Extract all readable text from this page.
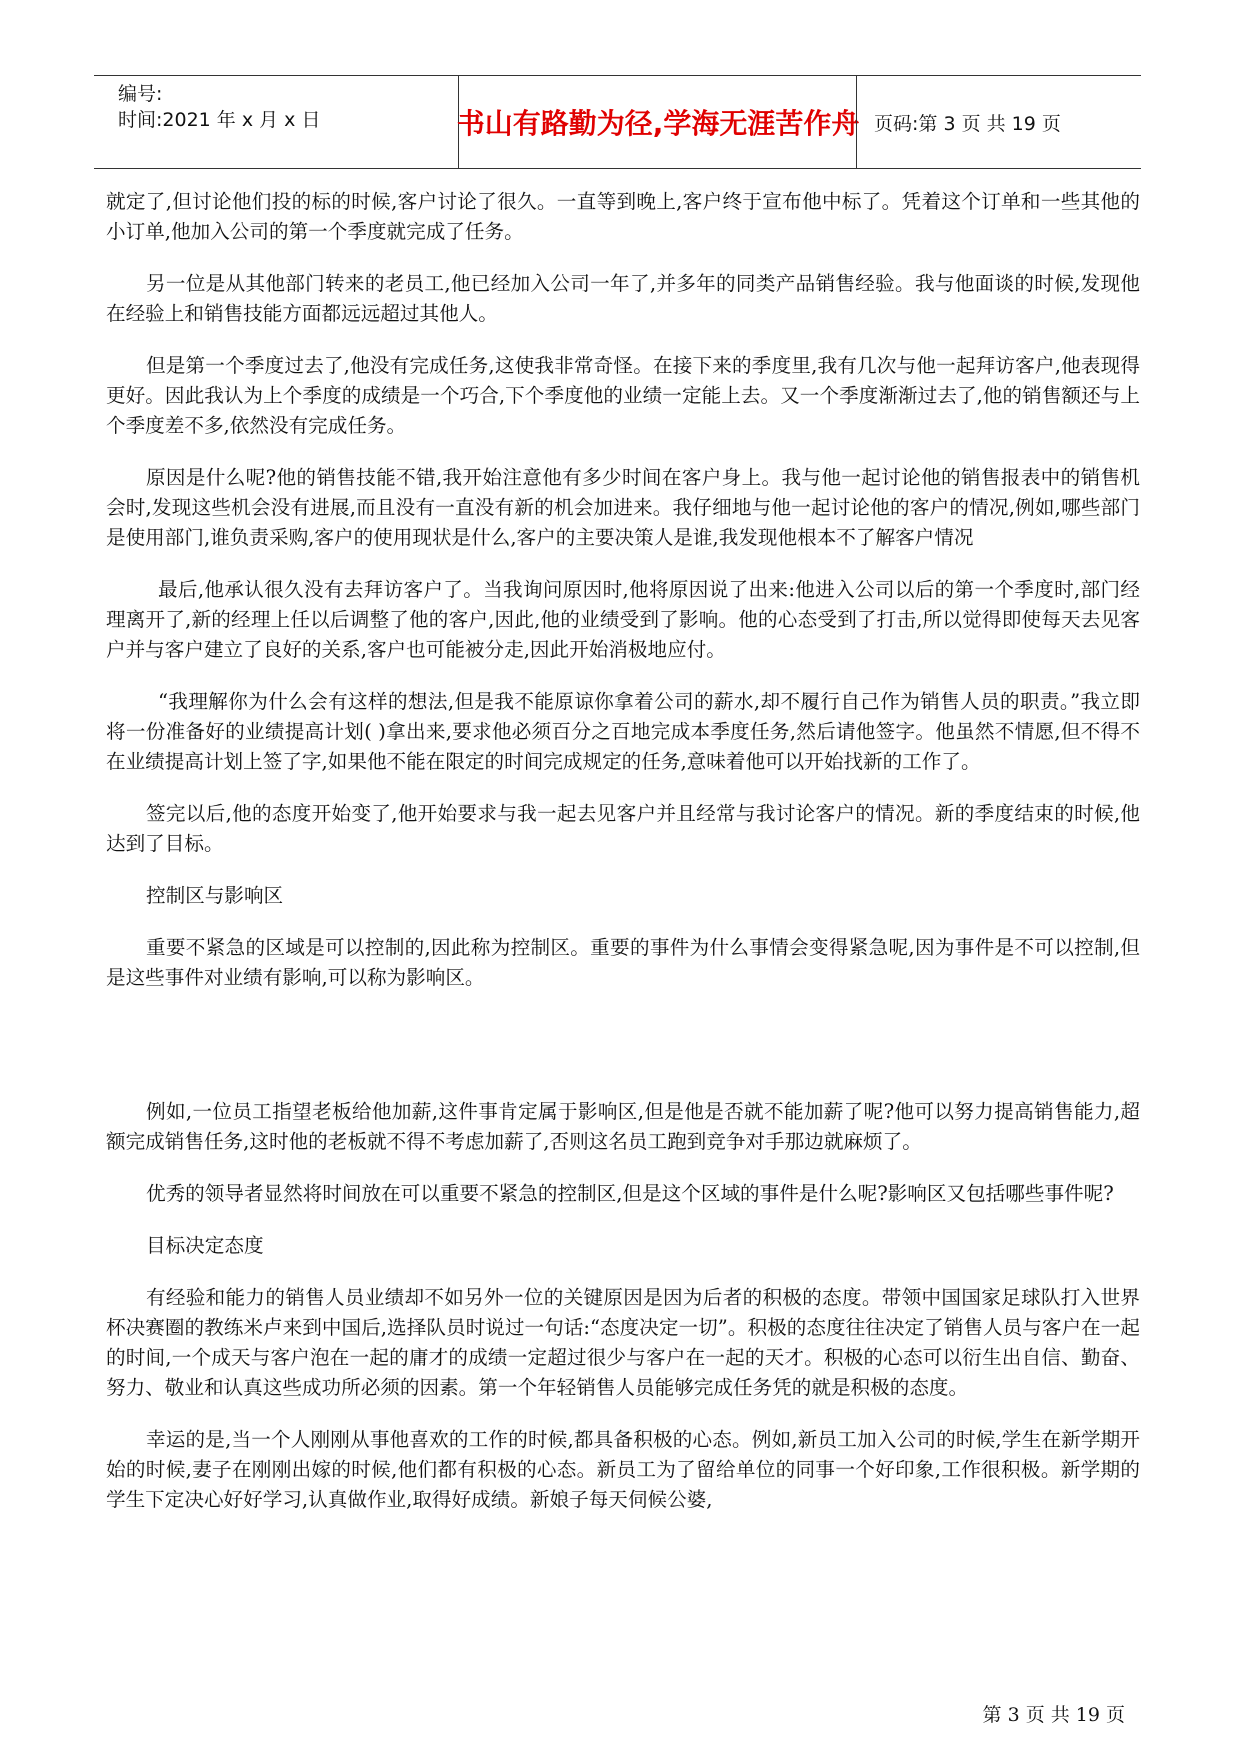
编号:
时间:2021 年 x 月 x 日	书山有路勤为径,学海无涯苦作舟 页码:第 3 页 共 19 页

就定了,但讨论他们投的标的时候,客户讨论了很久。一直等到晚上,客户终于宣布他中标了。凭着这个订单和一些其他的小订单,他加入公司的第一个季度就完成了任务。

另一位是从其他部门转来的老员工,他已经加入公司一年了,并多年的同类产品销售经验。我与他面谈的时候,发现他在经验上和销售技能方面都远远超过其他人。

但是第一个季度过去了,他没有完成任务,这使我非常奇怪。在接下来的季度里,我有几次与他一起拜访客户,他表现得更好。因此我认为上个季度的成绩是一个巧合,下个季度他的业绩一定能上去。又一个季度渐渐过去了,他的销售额还与上个季度差不多,依然没有完成任务。

原因是什么呢?他的销售技能不错,我开始注意他有多少时间在客户身上。我与他一起讨论他的销售报表中的销售机会时,发现这些机会没有进展,而且没有一直没有新的机会加进来。我仔细地与他一起讨论他的客户的情况,例如,哪些部门是使用部门,谁负责采购,客户的使用现状是什么,客户的主要决策人是谁,我发现他根本不了解客户情况

最后,他承认很久没有去拜访客户了。当我询问原因时,他将原因说了出来:他进入公司以后的第一个季度时,部门经理离开了,新的经理上任以后调整了他的客户,因此,他的业绩受到了影响。他的心态受到了打击,所以觉得即使每天去见客户并与客户建立了良好的关系,客户也可能被分走,因此开始消极地应付。

“我理解你为什么会有这样的想法,但是我不能原谅你拿着公司的薪水,却不履行自己作为销售人员的职责。”我立即将一份准备好的业绩提高计划( )拿出来,要求他必须百分之百地完成本季度任务,然后请他签字。他虽然不情愿,但不得不在业绩提高计划上签了字,如果他不能在限定的时间完成规定的任务,意味着他可以开始找新的工作了。

签完以后,他的态度开始变了,他开始要求与我一起去见客户并且经常与我讨论客户的情况。新的季度结束的时候,他达到了目标。

控制区与影响区

重要不紧急的区域是可以控制的,因此称为控制区。重要的事件为什么事情会变得紧急呢,因为事件是不可以控制,但是这些事件对业绩有影响,可以称为影响区。

例如,一位员工指望老板给他加薪,这件事肯定属于影响区,但是他是否就不能加薪了呢?他可以努力提高销售能力,超额完成销售任务,这时他的老板就不得不考虑加薪了,否则这名员工跑到竞争对手那边就麻烦了。

优秀的领导者显然将时间放在可以重要不紧急的控制区,但是这个区域的事件是什么呢?影响区又包括哪些事件呢?

目标决定态度

有经验和能力的销售人员业绩却不如另外一位的关键原因是因为后者的积极的态度。带领中国国家足球队打入世界杯决赛圈的教练米卢来到中国后,选择队员时说过一句话:“态度决定一切”。积极的态度往往决定了销售人员与客户在一起的时间,一个成天与客户泡在一起的庸才的成绩一定超过很少与客户在一起的天才。积极的心态可以衍生出自信、勤奋、努力、敬业和认真这些成功所必须的因素。第一个年轻销售人员能够完成任务凭的就是积极的态度。

幸运的是,当一个人刚刚从事他喜欢的工作的时候,都具备积极的心态。例如,新员工加入公司的时候,学生在新学期开始的时候,妻子在刚刚出嫁的时候,他们都有积极的心态。新员工为了留给单位的同事一个好印象,工作很积极。新学期的学生下定决心好好学习,认真做作业,取得好成绩。新娘子每天伺候公婆,

第 3 页 共 19 页
